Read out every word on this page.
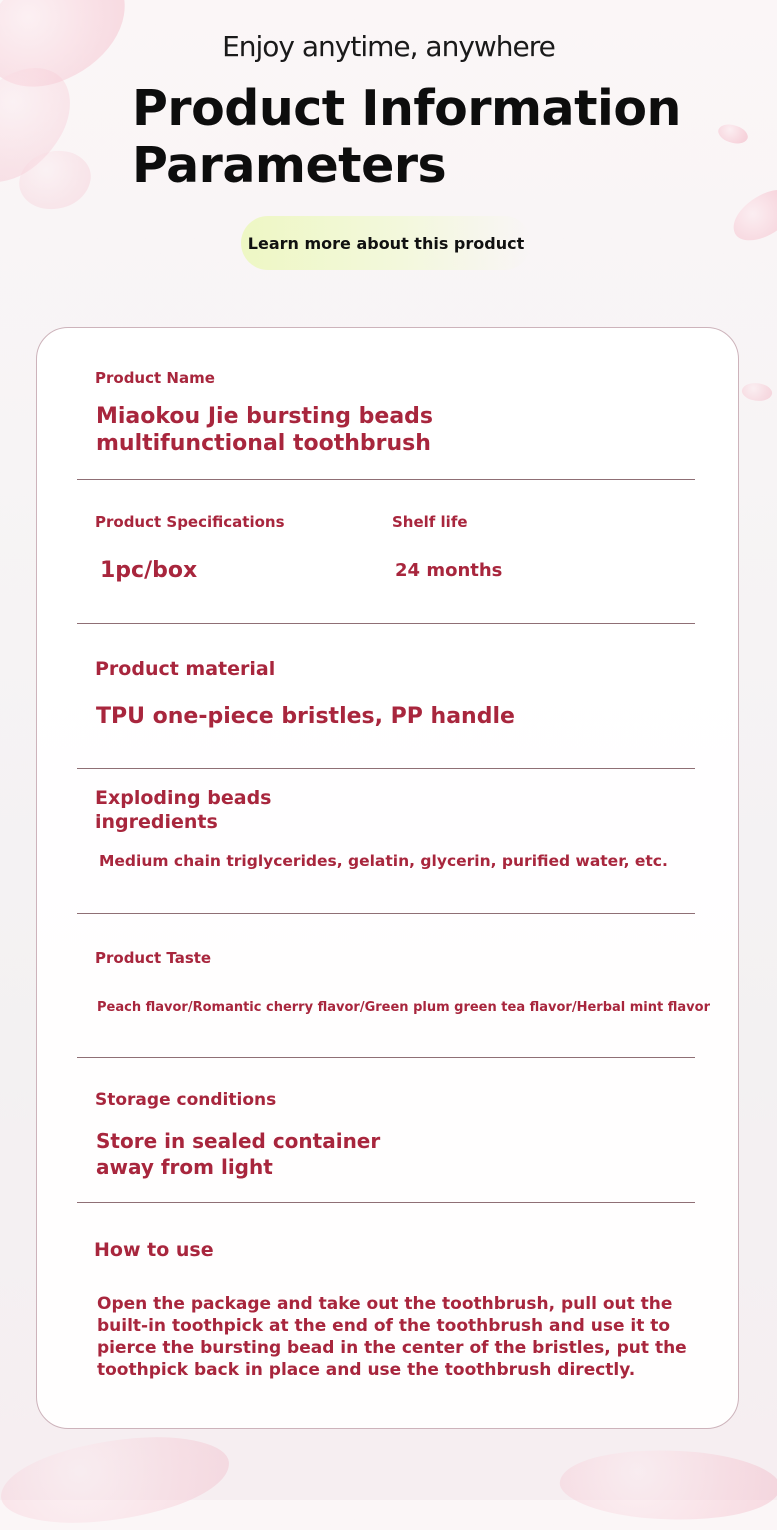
Enjoy anytime, anywhere
Product Information
Parameters
Learn more about this product
Product Name
Miaokou Jie bursting beads
multifunctional toothbrush
Product Specifications
1pc/box
Shelf life
24 months
Product material
TPU one-piece bristles, PP handle
Exploding beads
ingredients
Medium chain triglycerides, gelatin, glycerin, purified water, etc.
Product Taste
Peach flavor/Romantic cherry flavor/Green plum green tea flavor/Herbal mint flavor
Storage conditions
Store in sealed container
away from light
How to use
Open the package and take out the toothbrush, pull out the
built-in toothpick at the end of the toothbrush and use it to
pierce the bursting bead in the center of the bristles, put the
toothpick back in place and use the toothbrush directly.
